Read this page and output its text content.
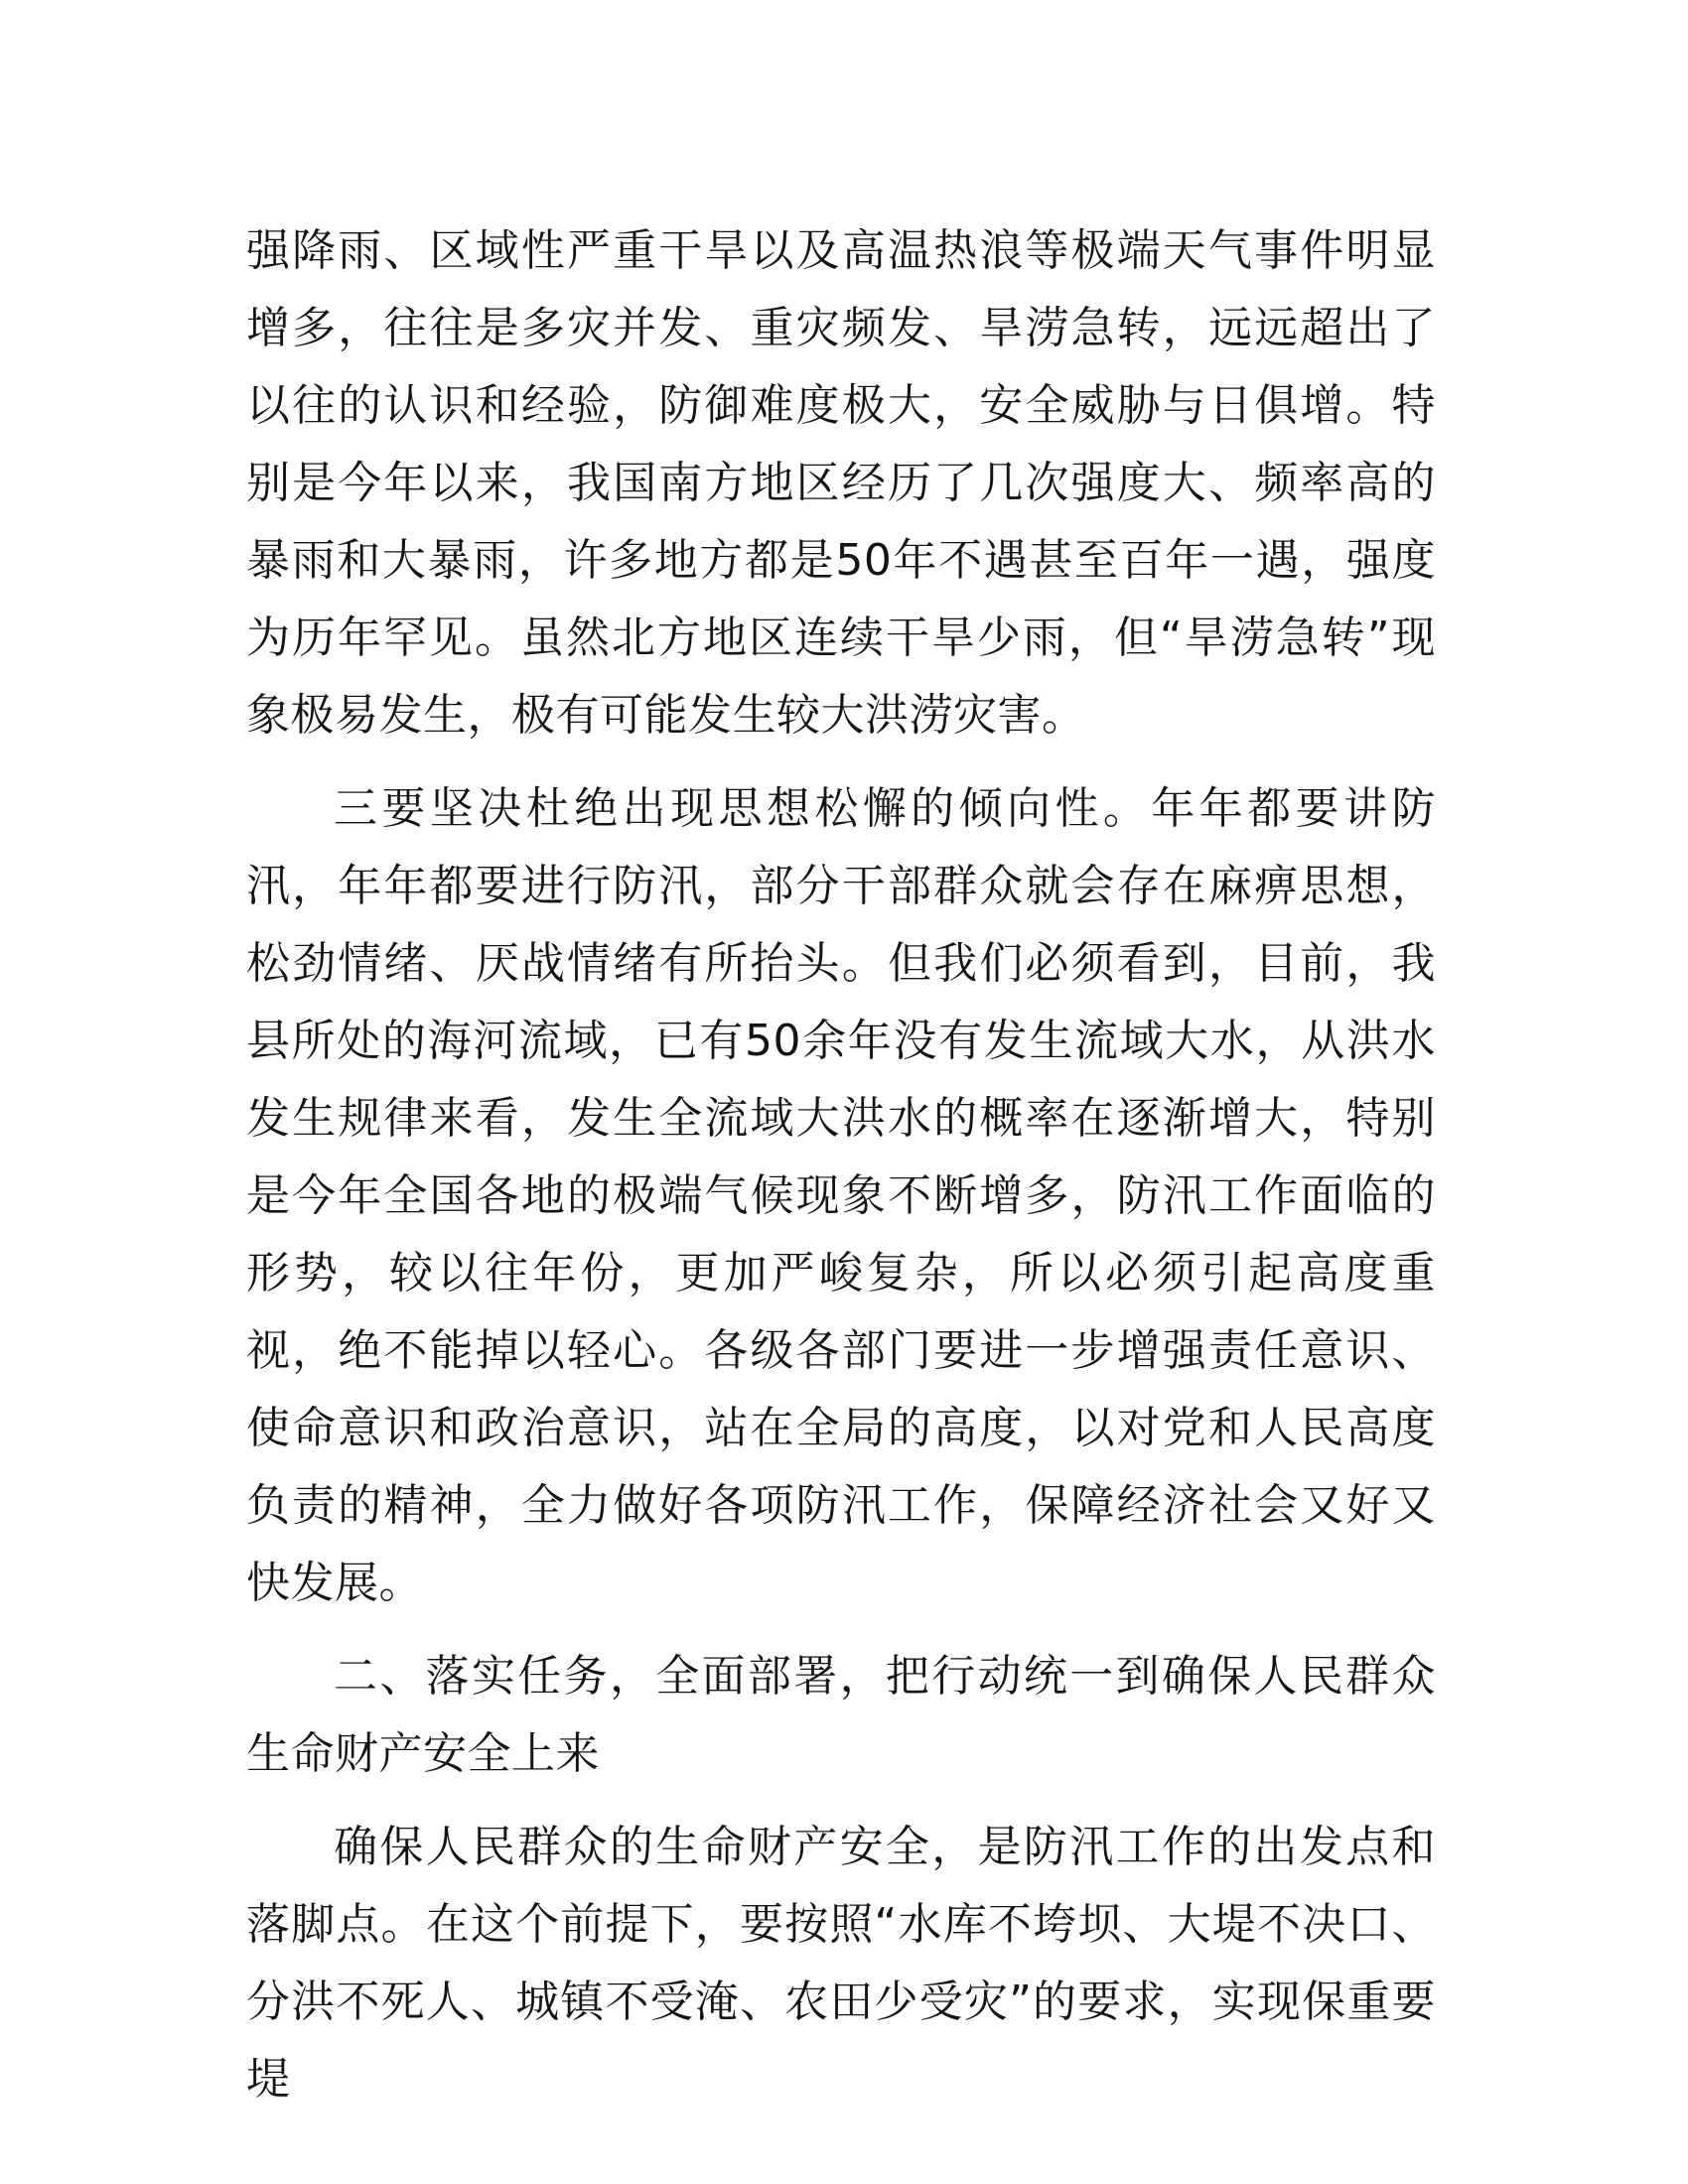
强降雨、区域性严重干旱以及高温热浪等极端天气事件明显增多，往往是多灾并发、重灾频发、旱涝急转，远远超出了以往的认识和经验，防御难度极大，安全威胁与日俱增。特别是今年以来，我国南方地区经历了几次强度大、频率高的暴雨和大暴雨，许多地方都是50年不遇甚至百年一遇，强度为历年罕见。虽然北方地区连续干旱少雨，但“旱涝急转”现象极易发生，极有可能发生较大洪涝灾害。

三要坚决杜绝出现思想松懈的倾向性。年年都要讲防汛，年年都要进行防汛，部分干部群众就会存在麻痹思想，松劲情绪、厌战情绪有所抬头。但我们必须看到，目前，我县所处的海河流域，已有50余年没有发生流域大水，从洪水发生规律来看，发生全流域大洪水的概率在逐渐增大，特别是今年全国各地的极端气候现象不断增多，防汛工作面临的形势，较以往年份，更加严峻复杂，所以必须引起高度重视，绝不能掉以轻心。各级各部门要进一步增强责任意识、使命意识和政治意识，站在全局的高度，以对党和人民高度负责的精神，全力做好各项防汛工作，保障经济社会又好又快发展。

二、落实任务，全面部署，把行动统一到确保人民群众生命财产安全上来

确保人民群众的生命财产安全，是防汛工作的出发点和落脚点。在这个前提下，要按照“水库不垮坝、大堤不决口、分洪不死人、城镇不受淹、农田少受灾”的要求，实现保重要堤
